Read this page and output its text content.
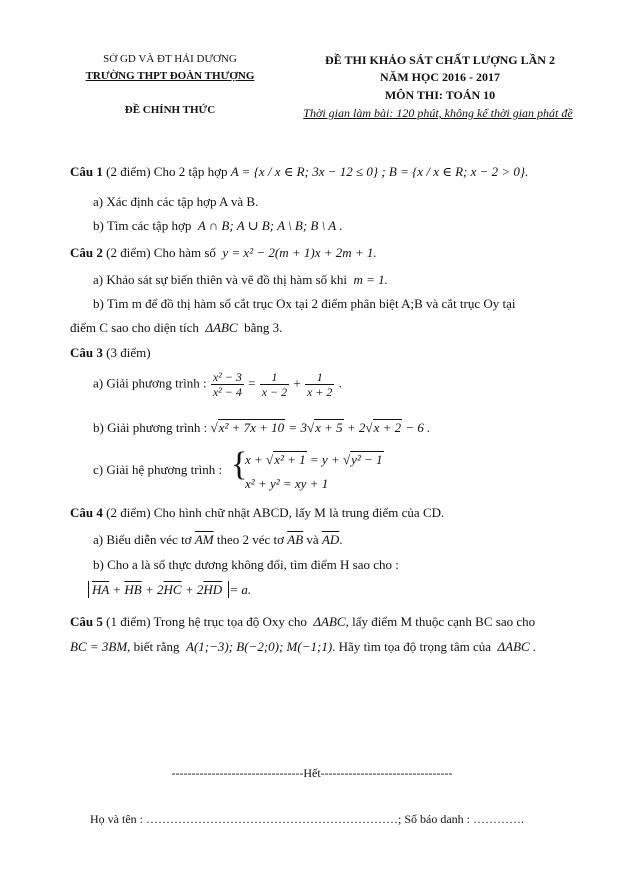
SỞ GD VÀ ĐT HẢI DƯƠNG
TRƯỜNG THPT ĐOÀN THƯỢNG
ĐỀ CHÍNH THỨC
ĐỀ THI KHẢO SÁT CHẤT LƯỢNG LẦN 2
NĂM HỌC 2016 - 2017
MÔN THI: TOÁN 10
Thời gian làm bài: 120 phút, không kể thời gian phát đề
Câu 1 (2 điểm) Cho 2 tập hợp A = {x / x ∈ R; 3x − 12 ≤ 0} ; B = {x / x ∈ R; x − 2 > 0}.
a) Xác định các tập hợp A và B.
b) Tìm các tập hợp  A ∩ B; A ∪ B; A \ B; B \ A .
Câu 2 (2 điểm) Cho hàm số  y = x² − 2(m + 1)x + 2m + 1.
a) Khảo sát sự biến thiên và vẽ đồ thị hàm số khi  m = 1.
b) Tìm m để đồ thị hàm số cắt trục Ox tại 2 điểm phân biệt A;B và cắt trục Oy tại
điểm C sao cho diện tích  ΔABC  bằng 3.
Câu 3 (3 điểm)
a) Giải phương trình : $\frac{\text{x² − 3}}{\text{x² − 4}} = \frac{1}{x - 2} + \frac{1}{x + 2}$ .
b) Giải phương trình : √x² + 7x + 10 = 3√x + 5 + 2√x + 2 − 6 .
c) Giải hệ phương trình : {
x + √x² + 1 = y + √y² − 1
x² + y² = xy + 1
Câu 4 (2 điểm) Cho hình chữ nhật ABCD, lấy M là trung điểm của CD.
a) Biểu diễn véc tơ $\overline{AM}$ theo 2 véc tơ $\overline{AB}$ và $\overline{AD}$.
b) Cho a là số thực dương không đổi, tìm điểm H sao cho :
$\overline{HA} + \overline{HB} + 2\overline{HC} + 2\overline{HD} = a$.
Câu 5 (1 điểm) Trong hệ trục tọa độ Oxy cho  ΔABC, lấy điểm M thuộc cạnh BC sao cho
BC = 3BM, biết rằng  A(1;−3); B(−2;0); M(−1;1). Hãy tìm tọa độ trọng tâm của  ΔABC .
---------------------------------Hết---------------------------------
Họ và tên : ………………………………………………………; Số báo danh : ………….
